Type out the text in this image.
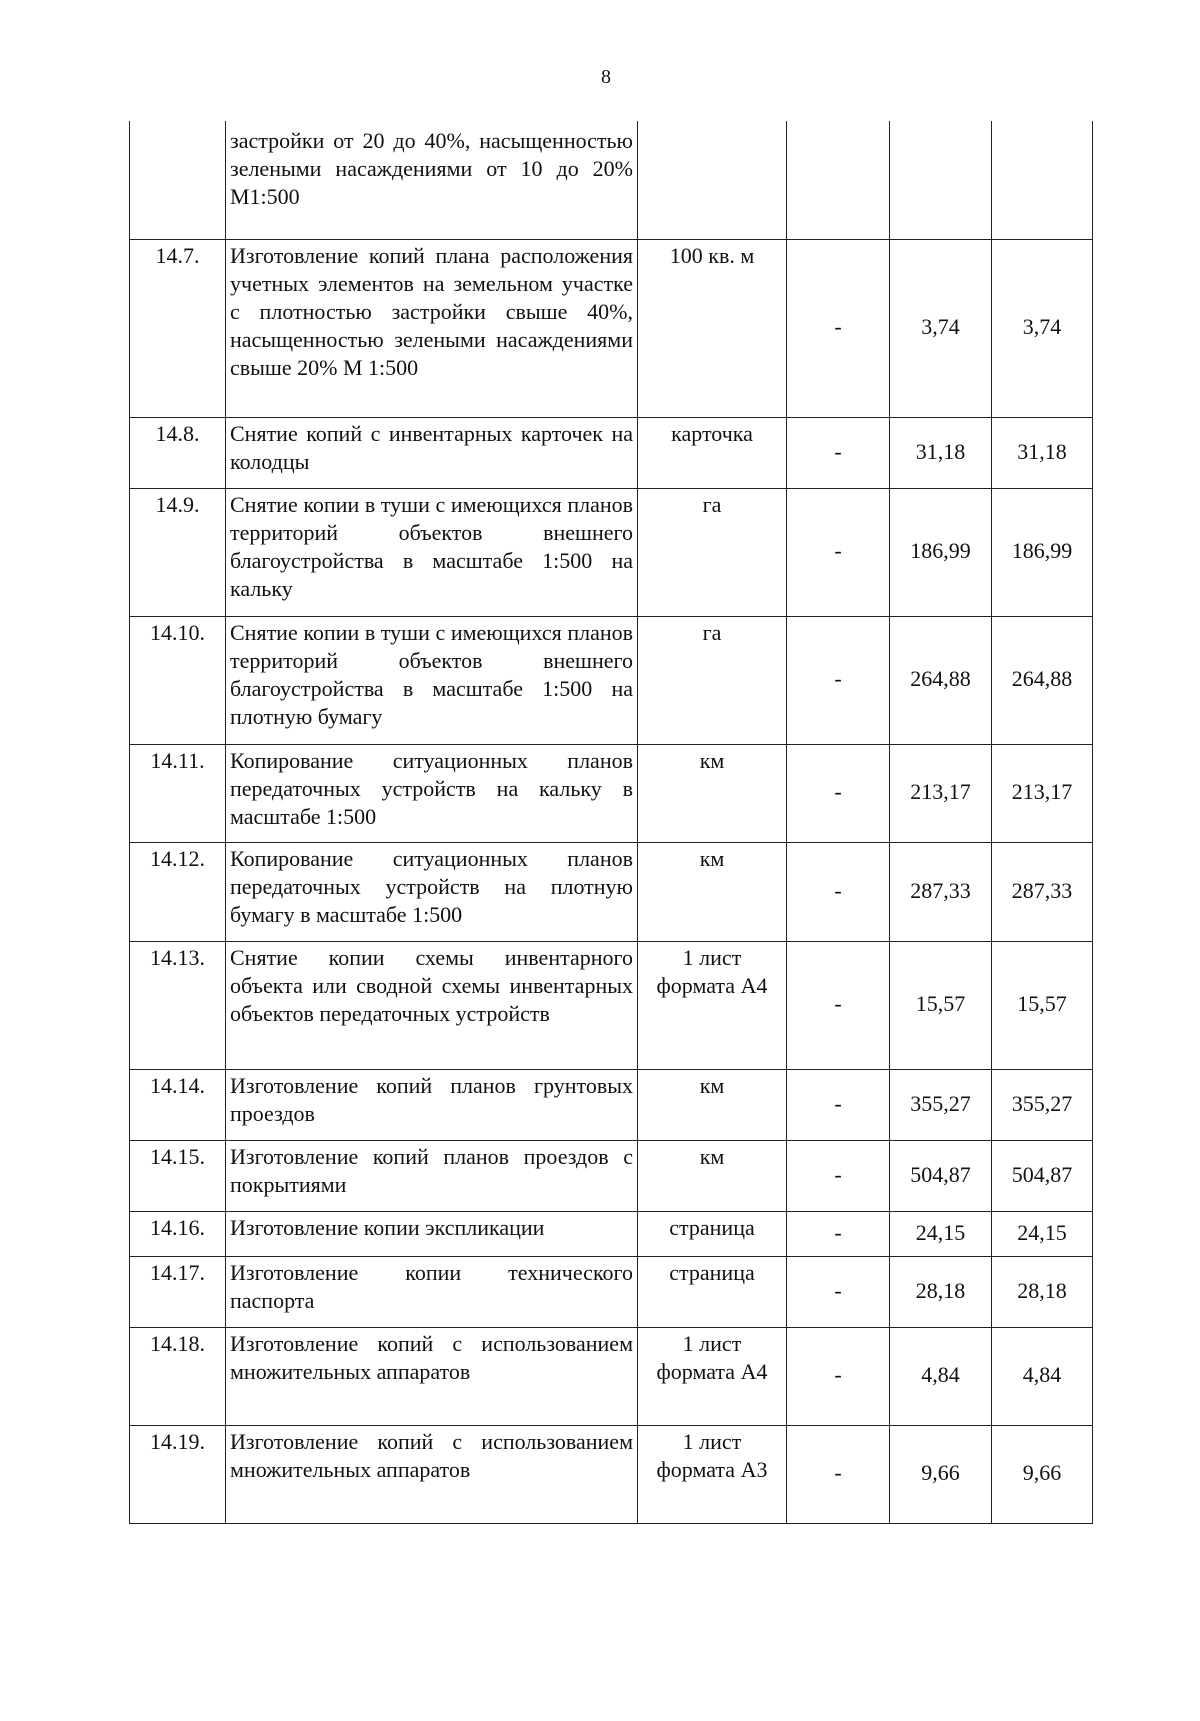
8
	застройки от 20 до 40%, насыщенностью зелеными насаждениями от 10 до 20% М1:500				
14.7.	Изготовление копий плана расположения учетных элементов на земельном участке с плотностью застройки свыше 40%, насыщенностью зелеными насаждениями свыше 20% М 1:500	100 кв. м	-	3,74	3,74
14.8.	Снятие копий с инвентарных карточек на колодцы	карточка	-	31,18	31,18
14.9.	Снятие копии в туши с имеющихся планов территорий объектов внешнего благоустройства в масштабе 1:500 на кальку	га	-	186,99	186,99
14.10.	Снятие копии в туши с имеющихся планов территорий объектов внешнего благоустройства в масштабе 1:500 на плотную бумагу	га	-	264,88	264,88
14.11.	Копирование ситуационных планов передаточных устройств на кальку в масштабе 1:500	км	-	213,17	213,17
14.12.	Копирование ситуационных планов передаточных устройств на плотную бумагу в масштабе 1:500	км	-	287,33	287,33
14.13.	Снятие копии схемы инвентарного объекта или сводной схемы инвентарных объектов передаточных устройств	1 лист формата А4	-	15,57	15,57
14.14.	Изготовление копий планов грунтовых проездов	км	-	355,27	355,27
14.15.	Изготовление копий планов проездов с покрытиями	км	-	504,87	504,87
14.16.	Изготовление копии экспликации	страница	-	24,15	24,15
14.17.	Изготовление копии технического паспорта	страница	-	28,18	28,18
14.18.	Изготовление копий с использованием множительных аппаратов	1 лист формата А4	-	4,84	4,84
14.19.	Изготовление копий с использованием множительных аппаратов	1 лист формата А3	-	9,66	9,66
